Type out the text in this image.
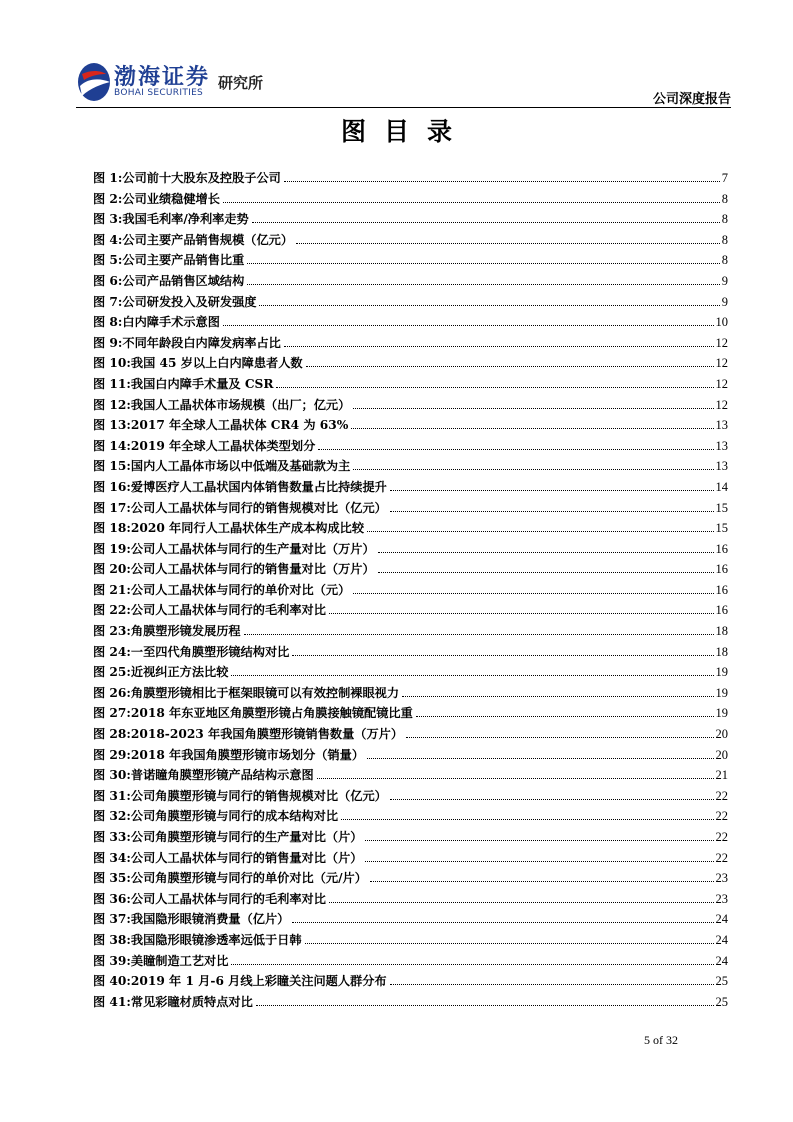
渤海证券
BOHAI SECURITIES
研究所
公司深度报告
图目录
图 1: 公司前十大股东及控股子公司	7
图 2: 公司业绩稳健增长	8
图 3: 我国毛利率/净利率走势	8
图 4: 公司主要产品销售规模（亿元）	8
图 5: 公司主要产品销售比重	8
图 6: 公司产品销售区域结构	9
图 7: 公司研发投入及研发强度	9
图 8: 白内障手术示意图	10
图 9: 不同年龄段白内障发病率占比	12
图 10: 我国 45 岁以上白内障患者人数	12
图 11: 我国白内障手术量及 CSR	12
图 12: 我国人工晶状体市场规模（出厂；亿元）	12
图 13: 2017 年全球人工晶状体 CR4 为 63%	13
图 14: 2019 年全球人工晶状体类型划分	13
图 15: 国内人工晶体市场以中低端及基础款为主	13
图 16: 爱博医疗人工晶状国内体销售数量占比持续提升	14
图 17: 公司人工晶状体与同行的销售规模对比（亿元）	15
图 18: 2020 年同行人工晶状体生产成本构成比较	15
图 19: 公司人工晶状体与同行的生产量对比（万片）	16
图 20: 公司人工晶状体与同行的销售量对比（万片）	16
图 21: 公司人工晶状体与同行的单价对比（元）	16
图 22: 公司人工晶状体与同行的毛利率对比	16
图 23: 角膜塑形镜发展历程	18
图 24: 一至四代角膜塑形镜结构对比	18
图 25: 近视纠正方法比较	19
图 26: 角膜塑形镜相比于框架眼镜可以有效控制裸眼视力	19
图 27: 2018 年东亚地区角膜塑形镜占角膜接触镜配镜比重	19
图 28: 2018-2023 年我国角膜塑形镜销售数量（万片）	20
图 29: 2018 年我国角膜塑形镜市场划分（销量）	20
图 30: 普诺瞳角膜塑形镜产品结构示意图	21
图 31: 公司角膜塑形镜与同行的销售规模对比（亿元）	22
图 32: 公司角膜塑形镜与同行的成本结构对比	22
图 33: 公司角膜塑形镜与同行的生产量对比（片）	22
图 34: 公司人工晶状体与同行的销售量对比（片）	22
图 35: 公司角膜塑形镜与同行的单价对比（元/片）	23
图 36: 公司人工晶状体与同行的毛利率对比	23
图 37: 我国隐形眼镜消费量（亿片）	24
图 38: 我国隐形眼镜渗透率远低于日韩	24
图 39: 美瞳制造工艺对比	24
图 40: 2019 年 1 月-6 月线上彩瞳关注问题人群分布	25
图 41: 常见彩瞳材质特点对比	25
5 of 32
